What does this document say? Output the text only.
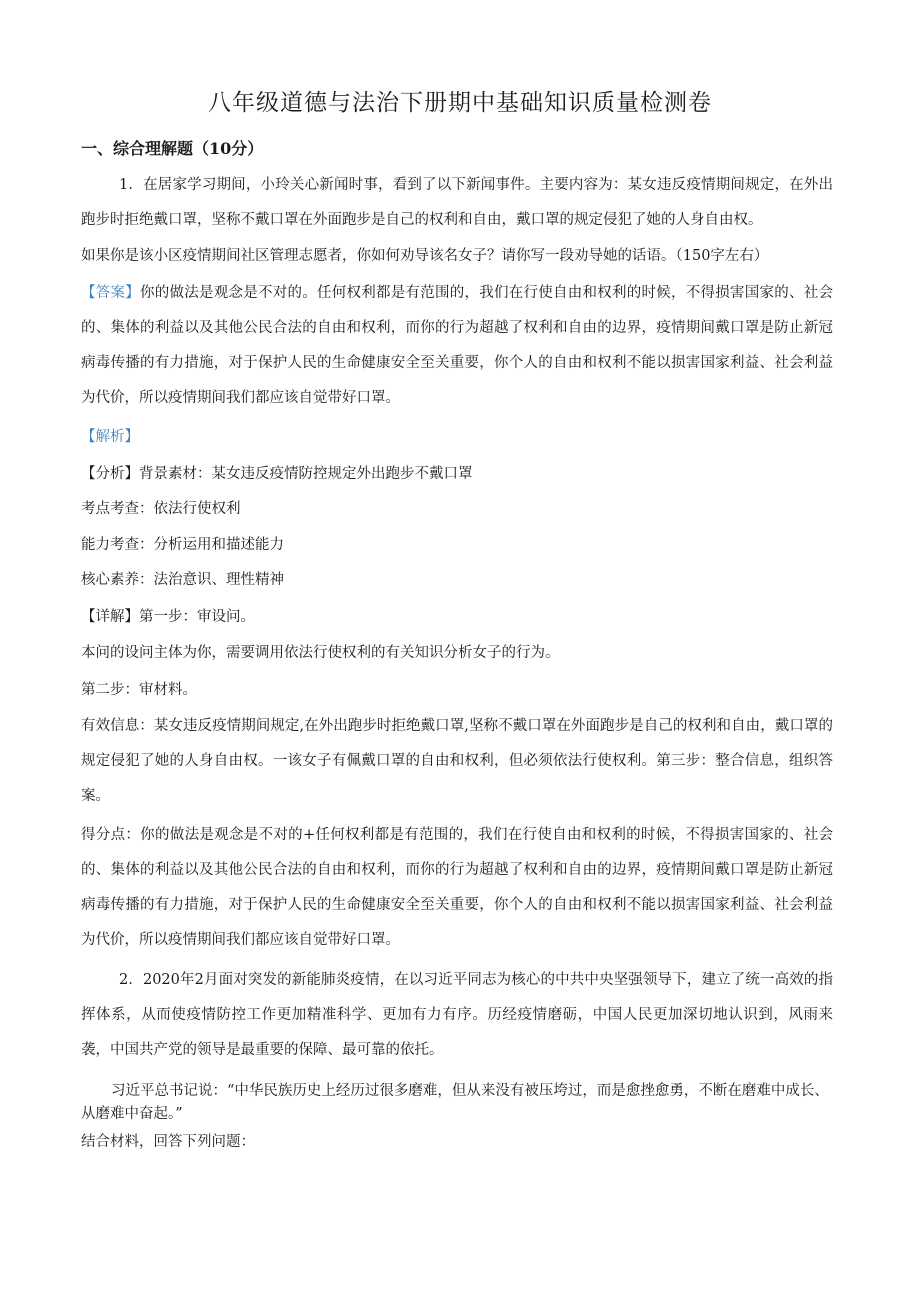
八年级道德与法治下册期中基础知识质量检测卷
一、综合理解题（10分）
1．在居家学习期间，小玲关心新闻时事，看到了以下新闻事件。主要内容为：某女违反疫情期间规定，在外出跑步时拒绝戴口罩，坚称不戴口罩在外面跑步是自己的权利和自由，戴口罩的规定侵犯了她的人身自由权。
如果你是该小区疫情期间社区管理志愿者，你如何劝导该名女子？请你写一段劝导她的话语。（150字左右）
【答案】你的做法是观念是不对的。任何权利都是有范围的，我们在行使自由和权利的时候，不得损害国家的、社会的、集体的利益以及其他公民合法的自由和权利，而你的行为超越了权利和自由的边界，疫情期间戴口罩是防止新冠病毒传播的有力措施，对于保护人民的生命健康安全至关重要，你个人的自由和权利不能以损害国家利益、社会利益为代价，所以疫情期间我们都应该自觉带好口罩。
【解析】
【分析】背景素材：某女违反疫情防控规定外出跑步不戴口罩
考点考查：依法行使权利
能力考查：分析运用和描述能力
核心素养：法治意识、理性精神
【详解】第一步：审设问。
本问的设问主体为你，需要调用依法行使权利的有关知识分析女子的行为。
第二步：审材料。
有效信息：某女违反疫情期间规定,在外出跑步时拒绝戴口罩,坚称不戴口罩在外面跑步是自己的权利和自由，戴口罩的规定侵犯了她的人身自由权。一该女子有佩戴口罩的自由和权利，但必须依法行使权利。第三步：整合信息，组织答案。
得分点：你的做法是观念是不对的+任何权利都是有范围的，我们在行使自由和权利的时候，不得损害国家的、社会的、集体的利益以及其他公民合法的自由和权利，而你的行为超越了权利和自由的边界，疫情期间戴口罩是防止新冠病毒传播的有力措施，对于保护人民的生命健康安全至关重要，你个人的自由和权利不能以损害国家利益、社会利益为代价，所以疫情期间我们都应该自觉带好口罩。
2．2020年2月面对突发的新能肺炎疫情，在以习近平同志为核心的中共中央坚强领导下，建立了统一高效的指挥体系，从而使疫情防控工作更加精准科学、更加有力有序。历经疫情磨砺，中国人民更加深切地认识到，风雨来袭，中国共产党的领导是最重要的保障、最可靠的依托。
习近平总书记说：“中华民族历史上经历过很多磨难，但从来没有被压垮过，而是愈挫愈勇，不断在磨难中成长、从磨难中奋起。”
结合材料，回答下列问题：
